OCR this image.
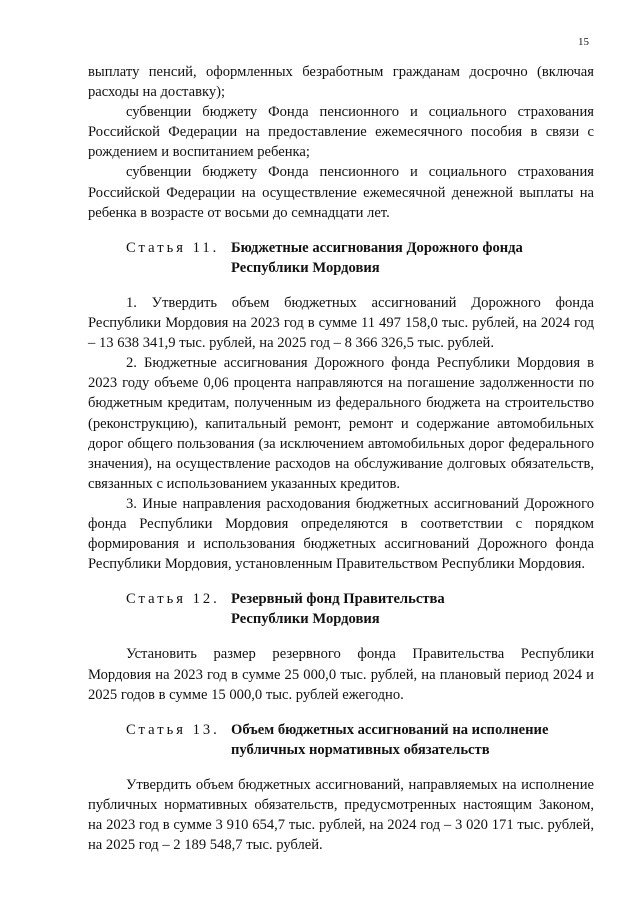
15

выплату пенсий, оформленных безработным гражданам досрочно (включая расходы на доставку);

субвенции бюджету Фонда пенсионного и социального страхования Российской Федерации на предоставление ежемесячного пособия в связи с рождением и воспитанием ребенка;

субвенции бюджету Фонда пенсионного и социального страхования Российской Федерации на осуществление ежемесячной денежной выплаты на ребенка в возрасте от восьми до семнадцати лет.

Статья 11. Бюджетные ассигнования Дорожного фонда
Республики Мордовия

1. Утвердить объем бюджетных ассигнований Дорожного фонда Республики Мордовия на 2023 год в сумме 11 497 158,0 тыс. рублей, на 2024 год – 13 638 341,9 тыс. рублей, на 2025 год – 8 366 326,5 тыс. рублей.

2. Бюджетные ассигнования Дорожного фонда Республики Мордовия в 2023 году объеме 0,06 процента направляются на погашение задолженности по бюджетным кредитам, полученным из федерального бюджета на строительство (реконструкцию), капитальный ремонт, ремонт и содержание автомобильных дорог общего пользования (за исключением автомобильных дорог федерального значения), на осуществление расходов на обслуживание долговых обязательств, связанных с использованием указанных кредитов.

3. Иные направления расходования бюджетных ассигнований Дорожного фонда Республики Мордовия определяются в соответствии с порядком формирования и использования бюджетных ассигнований Дорожного фонда Республики Мордовия, установленным Правительством Республики Мордовия.

Статья 12. Резервный фонд Правительства
Республики Мордовия

Установить размер резервного фонда Правительства Республики Мордовия на 2023 год в сумме 25 000,0 тыс. рублей, на плановый период 2024 и 2025 годов в сумме 15 000,0 тыс. рублей ежегодно.

Статья 13. Объем бюджетных ассигнований на исполнение
публичных нормативных обязательств

Утвердить объем бюджетных ассигнований, направляемых на исполнение публичных нормативных обязательств, предусмотренных настоящим Законом, на 2023 год в сумме 3 910 654,7 тыс. рублей, на 2024 год – 3 020 171 тыс. рублей, на 2025 год – 2 189 548,7 тыс. рублей.
